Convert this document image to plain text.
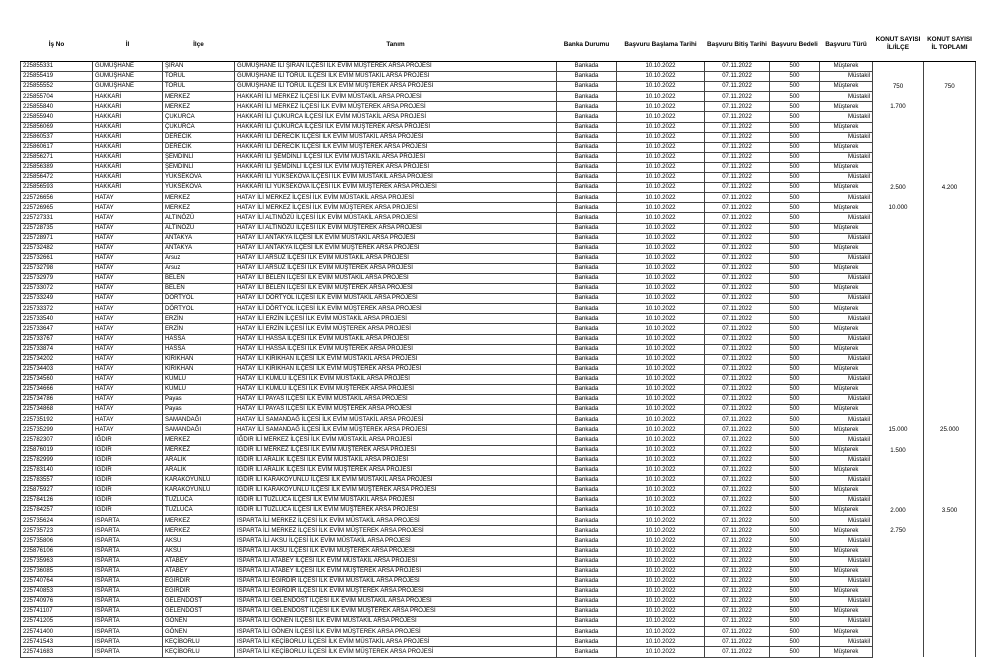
İş No	İl	İlçe	Tanım	Banka Durumu	Başvuru Başlama Tarihi	Başvuru Bitiş Tarihi	Başvuru Bedeli	Başvuru Türü	KONUT SAYISI İL/İLÇE	KONUT SAYISI İL TOPLAMI
225855331	GÜMÜŞHANE	ŞİRAN	GÜMÜŞHANE İLİ ŞİRAN İLÇESİ İLK EVİM MÜŞTEREK ARSA PROJESİ	Bankada	10.10.2022	07.11.2022	500	Müşterek		
225855419	GÜMÜŞHANE	TORUL	GÜMÜŞHANE İLİ TORUL İLÇESİ İLK EVİM MÜSTAKİL ARSA PROJESİ	Bankada	10.10.2022	07.11.2022	500	Müstakil		
225855552	GÜMÜŞHANE	TORUL	GÜMÜŞHANE İLİ TORUL İLÇESİ İLK EVİM MÜŞTEREK ARSA PROJESİ	Bankada	10.10.2022	07.11.2022	500	Müşterek	750	750
225855704	HAKKARİ	MERKEZ	HAKKARİ İLİ MERKEZ İLÇESİ İLK EVİM MÜSTAKİL ARSA PROJESİ	Bankada	10.10.2022	07.11.2022	500	Müstakil		
225855840	HAKKARİ	MERKEZ	HAKKARİ İLİ MERKEZ İLÇESİ İLK EVİM MÜŞTEREK ARSA PROJESİ	Bankada	10.10.2022	07.11.2022	500	Müşterek	1.700	
225855940	HAKKARİ	ÇUKURCA	HAKKARİ İLİ ÇUKURCA İLÇESİ İLK EVİM MÜSTAKİL ARSA PROJESİ	Bankada	10.10.2022	07.11.2022	500	Müstakil		
225856069	HAKKARİ	ÇUKURCA	HAKKARİ İLİ ÇUKURCA İLÇESİ İLK EVİM MÜŞTEREK ARSA PROJESİ	Bankada	10.10.2022	07.11.2022	500	Müşterek		
225860537	HAKKARİ	DERECİK	HAKKARİ İLİ DERECİK İLÇESİ İLK EVİM MÜSTAKİL ARSA PROJESİ	Bankada	10.10.2022	07.11.2022	500	Müstakil		
225860617	HAKKARİ	DERECİK	HAKKARİ İLİ DERECİK İLÇESİ İLK EVİM MÜŞTEREK ARSA PROJESİ	Bankada	10.10.2022	07.11.2022	500	Müşterek		
225856271	HAKKARİ	ŞEMDİNLİ	HAKKARİ İLİ ŞEMDİNLİ İLÇESİ İLK EVİM MÜSTAKİL ARSA PROJESİ	Bankada	10.10.2022	07.11.2022	500	Müstakil		
225856389	HAKKARİ	ŞEMDİNLİ	HAKKARİ İLİ ŞEMDİNLİ İLÇESİ İLK EVİM MÜŞTEREK ARSA PROJESİ	Bankada	10.10.2022	07.11.2022	500	Müşterek		
225856472	HAKKARİ	YÜKSEKOVA	HAKKARİ İLİ YÜKSEKOVA İLÇESİ İLK EVİM MÜSTAKİL ARSA PROJESİ	Bankada	10.10.2022	07.11.2022	500	Müstakil		
225856593	HAKKARİ	YÜKSEKOVA	HAKKARİ İLİ YÜKSEKOVA İLÇESİ İLK EVİM MÜŞTEREK ARSA PROJESİ	Bankada	10.10.2022	07.11.2022	500	Müşterek	2.500	4.200
225726656	HATAY	MERKEZ	HATAY İLİ MERKEZ İLÇESİ İLK EVİM MÜSTAKİL ARSA PROJESİ	Bankada	10.10.2022	07.11.2022	500	Müstakil		
225726965	HATAY	MERKEZ	HATAY İLİ MERKEZ İLÇESİ İLK EVİM MÜŞTEREK ARSA PROJESİ	Bankada	10.10.2022	07.11.2022	500	Müşterek	10.000	
225727331	HATAY	ALTINÖZÜ	HATAY İLİ ALTINÖZÜ İLÇESİ İLK EVİM MÜSTAKİL ARSA PROJESİ	Bankada	10.10.2022	07.11.2022	500	Müstakil		
225728735	HATAY	ALTINÖZÜ	HATAY İLİ ALTINÖZÜ İLÇESİ İLK EVİM MÜŞTEREK ARSA PROJESİ	Bankada	10.10.2022	07.11.2022	500	Müşterek		
225728971	HATAY	ANTAKYA	HATAY İLİ ANTAKYA İLÇESİ İLK EVİM MÜSTAKİL ARSA PROJESİ	Bankada	10.10.2022	07.11.2022	500	Müstakil		
225732482	HATAY	ANTAKYA	HATAY İLİ ANTAKYA İLÇESİ İLK EVİM MÜŞTEREK ARSA PROJESİ	Bankada	10.10.2022	07.11.2022	500	Müşterek		
225732661	HATAY	Arsuz	HATAY İLİ ARSUZ İLÇESİ İLK EVİM MÜSTAKİL ARSA PROJESİ	Bankada	10.10.2022	07.11.2022	500	Müstakil		
225732798	HATAY	Arsuz	HATAY İLİ ARSUZ İLÇESİ İLK EVİM MÜŞTEREK ARSA PROJESİ	Bankada	10.10.2022	07.11.2022	500	Müşterek		
225732979	HATAY	BELEN	HATAY İLİ BELEN İLÇESİ İLK EVİM MÜSTAKİL ARSA PROJESİ	Bankada	10.10.2022	07.11.2022	500	Müstakil		
225733072	HATAY	BELEN	HATAY İLİ BELEN İLÇESİ İLK EVİM MÜŞTEREK ARSA PROJESİ	Bankada	10.10.2022	07.11.2022	500	Müşterek		
225733249	HATAY	DÖRTYOL	HATAY İLİ DÖRTYOL İLÇESİ İLK EVİM MÜSTAKİL ARSA PROJESİ	Bankada	10.10.2022	07.11.2022	500	Müstakil		
225733372	HATAY	DÖRTYOL	HATAY İLİ DÖRTYOL İLÇESİ İLK EVİM MÜŞTEREK ARSA PROJESİ	Bankada	10.10.2022	07.11.2022	500	Müşterek		
225733540	HATAY	ERZİN	HATAY İLİ ERZİN İLÇESİ İLK EVİM MÜSTAKİL ARSA PROJESİ	Bankada	10.10.2022	07.11.2022	500	Müstakil		
225733647	HATAY	ERZİN	HATAY İLİ ERZİN İLÇESİ İLK EVİM MÜŞTEREK ARSA PROJESİ	Bankada	10.10.2022	07.11.2022	500	Müşterek		
225733767	HATAY	HASSA	HATAY İLİ HASSA İLÇESİ İLK EVİM MÜSTAKİL ARSA PROJESİ	Bankada	10.10.2022	07.11.2022	500	Müstakil		
225733874	HATAY	HASSA	HATAY İLİ HASSA İLÇESİ İLK EVİM MÜŞTEREK ARSA PROJESİ	Bankada	10.10.2022	07.11.2022	500	Müşterek		
225734202	HATAY	KIRIKHAN	HATAY İLİ KIRIKHAN İLÇESİ İLK EVİM MÜSTAKİL ARSA PROJESİ	Bankada	10.10.2022	07.11.2022	500	Müstakil		
225734403	HATAY	KIRIKHAN	HATAY İLİ KIRIKHAN İLÇESİ İLK EVİM MÜŞTEREK ARSA PROJESİ	Bankada	10.10.2022	07.11.2022	500	Müşterek		
225734560	HATAY	KUMLU	HATAY İLİ KUMLU İLÇESİ İLK EVİM MÜSTAKİL ARSA PROJESİ	Bankada	10.10.2022	07.11.2022	500	Müstakil		
225734666	HATAY	KUMLU	HATAY İLİ KUMLU İLÇESİ İLK EVİM MÜŞTEREK ARSA PROJESİ	Bankada	10.10.2022	07.11.2022	500	Müşterek		
225734786	HATAY	Payas	HATAY İLİ PAYAS İLÇESİ İLK EVİM MÜSTAKİL ARSA PROJESİ	Bankada	10.10.2022	07.11.2022	500	Müstakil		
225734868	HATAY	Payas	HATAY İLİ PAYAS İLÇESİ İLK EVİM MÜŞTEREK ARSA PROJESİ	Bankada	10.10.2022	07.11.2022	500	Müşterek		
225735192	HATAY	SAMANDAĞI	HATAY İLİ SAMANDAĞ İLÇESİ İLK EVİM MÜSTAKİL ARSA PROJESİ	Bankada	10.10.2022	07.11.2022	500	Müstakil		
225735299	HATAY	SAMANDAĞI	HATAY İLİ SAMANDAĞ İLÇESİ İLK EVİM MÜŞTEREK ARSA PROJESİ	Bankada	10.10.2022	07.11.2022	500	Müşterek	15.000	25.000
225782307	IĞDIR	MERKEZ	IĞDIR İLİ MERKEZ İLÇESİ İLK EVİM MÜSTAKİL ARSA PROJESİ	Bankada	10.10.2022	07.11.2022	500	Müstakil		
225876019	IĞDIR	MERKEZ	IĞDIR İLİ MERKEZ İLÇESİ İLK EVİM MÜŞTEREK ARSA PROJESİ	Bankada	10.10.2022	07.11.2022	500	Müşterek	1.500	
225782999	IĞDIR	ARALIK	IĞDIR İLİ ARALIK İLÇESİ İLK EVİM MÜSTAKİL ARSA PROJESİ	Bankada	10.10.2022	07.11.2022	500	Müstakil		
225783140	IĞDIR	ARALIK	IĞDIR İLİ ARALIK İLÇESİ İLK EVİM MÜŞTEREK ARSA PROJESİ	Bankada	10.10.2022	07.11.2022	500	Müşterek		
225783557	IĞDIR	KARAKOYUNLU	IĞDIR İLİ KARAKOYUNLU İLÇESİ İLK EVİM MÜSTAKİL ARSA PROJESİ	Bankada	10.10.2022	07.11.2022	500	Müstakil		
225875927	IĞDIR	KARAKOYUNLU	IĞDIR İLİ KARAKOYUNLU İLÇESİ İLK EVİM MÜŞTEREK ARSA PROJESİ	Bankada	10.10.2022	07.11.2022	500	Müşterek		
225784126	IĞDIR	TUZLUCA	IĞDIR İLİ TUZLUCA İLÇESİ İLK EVİM MÜSTAKİL ARSA PROJESİ	Bankada	10.10.2022	07.11.2022	500	Müstakil		
225784257	IĞDIR	TUZLUCA	IĞDIR İLİ TUZLUCA İLÇESİ İLK EVİM MÜŞTEREK ARSA PROJESİ	Bankada	10.10.2022	07.11.2022	500	Müşterek	2.000	3.500
225735624	ISPARTA	MERKEZ	ISPARTA İLİ MERKEZ İLÇESİ İLK EVİM MÜSTAKİL ARSA PROJESİ	Bankada	10.10.2022	07.11.2022	500	Müstakil		
225735723	ISPARTA	MERKEZ	ISPARTA İLİ MERKEZ İLÇESİ İLK EVİM MÜŞTEREK ARSA PROJESİ	Bankada	10.10.2022	07.11.2022	500	Müşterek	2.750	
225735806	ISPARTA	AKSU	ISPARTA İLİ AKSU İLÇESİ İLK EVİM MÜSTAKİL ARSA PROJESİ	Bankada	10.10.2022	07.11.2022	500	Müstakil		
225876106	ISPARTA	AKSU	ISPARTA İLİ AKSU İLÇESİ İLK EVİM MÜŞTEREK ARSA PROJESİ	Bankada	10.10.2022	07.11.2022	500	Müşterek		
225735963	ISPARTA	ATABEY	ISPARTA İLİ ATABEY İLÇESİ İLK EVİM MÜSTAKİL ARSA PROJESİ	Bankada	10.10.2022	07.11.2022	500	Müstakil		
225736085	ISPARTA	ATABEY	ISPARTA İLİ ATABEY İLÇESİ İLK EVİM MÜŞTEREK ARSA PROJESİ	Bankada	10.10.2022	07.11.2022	500	Müşterek		
225740764	ISPARTA	EĞİRDİR	ISPARTA İLİ EĞİRDİR İLÇESİ İLK EVİM MÜSTAKİL ARSA PROJESİ	Bankada	10.10.2022	07.11.2022	500	Müstakil		
225740853	ISPARTA	EĞİRDİR	ISPARTA İLİ EĞİRDİR İLÇESİ İLK EVİM MÜŞTEREK ARSA PROJESİ	Bankada	10.10.2022	07.11.2022	500	Müşterek		
225740976	ISPARTA	GELENDOST	ISPARTA İLİ GELENDOST İLÇESİ İLK EVİM MÜSTAKİL ARSA PROJESİ	Bankada	10.10.2022	07.11.2022	500	Müstakil		
225741107	ISPARTA	GELENDOST	ISPARTA İLİ GELENDOST İLÇESİ İLK EVİM MÜŞTEREK ARSA PROJESİ	Bankada	10.10.2022	07.11.2022	500	Müşterek		
225741205	ISPARTA	GÖNEN	ISPARTA İLİ GÖNEN İLÇESİ İLK EVİM MÜSTAKİL ARSA PROJESİ	Bankada	10.10.2022	07.11.2022	500	Müstakil		
225741400	ISPARTA	GÖNEN	ISPARTA İLİ GÖNEN İLÇESİ İLK EVİM MÜŞTEREK ARSA PROJESİ	Bankada	10.10.2022	07.11.2022	500	Müşterek		
225741543	ISPARTA	KEÇİBORLU	ISPARTA İLİ KEÇİBORLU İLÇESİ İLK EVİM MÜSTAKİL ARSA PROJESİ	Bankada	10.10.2022	07.11.2022	500	Müstakil		
225741683	ISPARTA	KEÇİBORLU	ISPARTA İLİ KEÇİBORLU İLÇESİ İLK EVİM MÜŞTEREK ARSA PROJESİ	Bankada	10.10.2022	07.11.2022	500	Müşterek		
